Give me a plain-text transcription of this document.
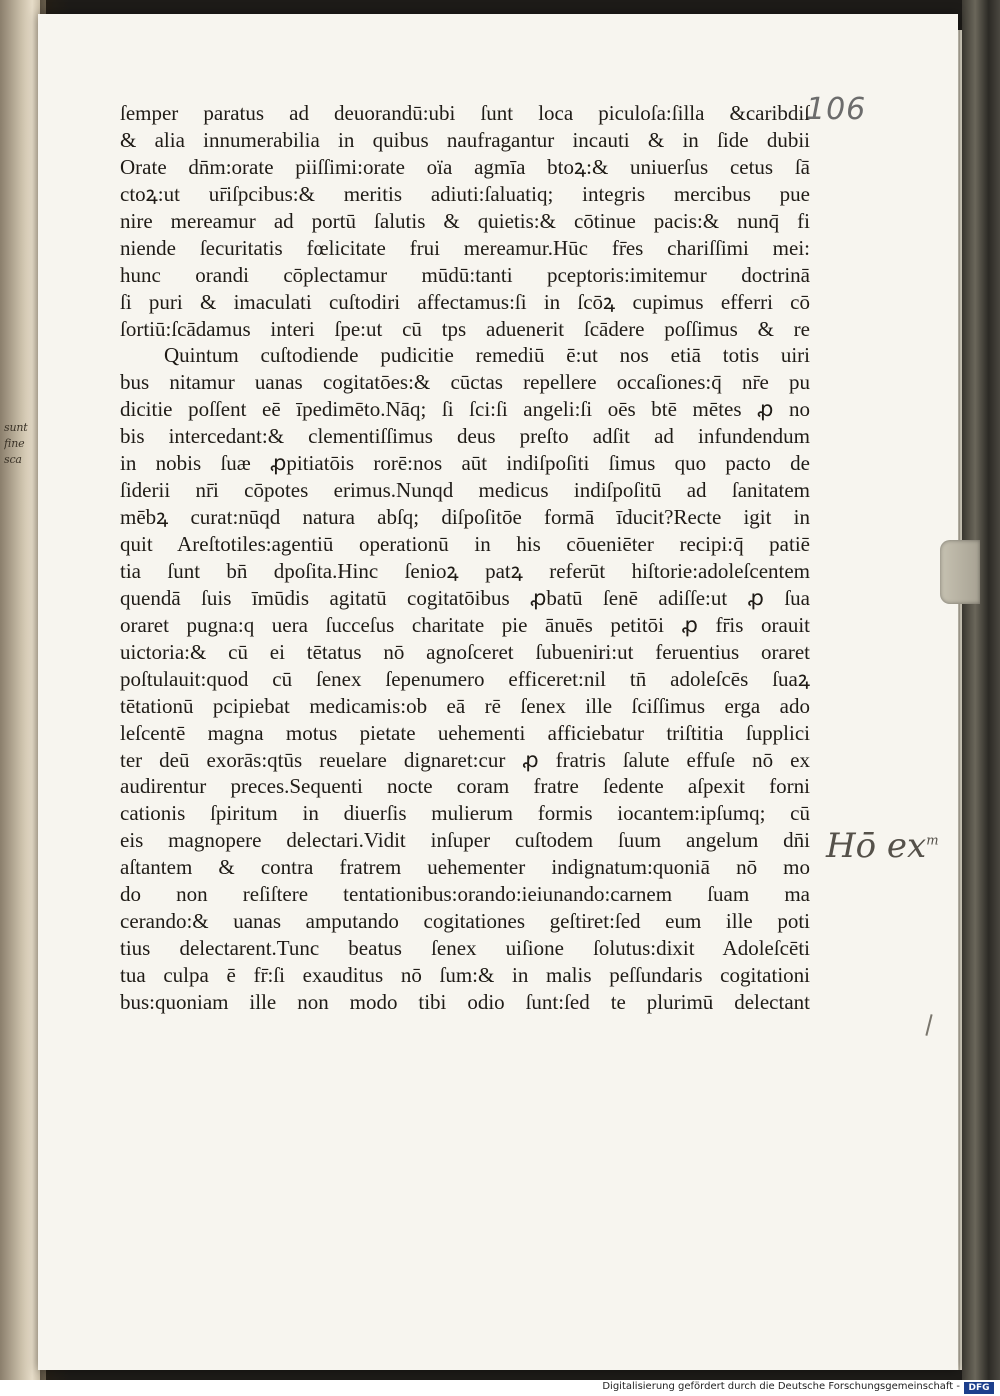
sunt
fine
sca
106
ſemper paratus ad deuorandū:ubi ſunt loca piculoſa:ſilla &caribdiſ
& alia innumerabilia in quibus naufragantur incauti & in ſide dubii
Orate dn̄m:orate piiſſimi:orate oïa agmīa btoꝝ:& uniuerſus cetus ſā
ctoꝝ:ut ur̄iſpcibus:& meritis adiuti:ſaluatiq; integris mercibus pue
nire mereamur ad portū ſalutis & quietis:& cōtinue pacis:& nunq̄ fi
niende ſecuritatis fœlicitate frui mereamur.Hūc fr̄es chariſſimi mei:
hunc orandi cōplectamur mūdū:tanti pceptoris:imitemur doctrinā
ſi puri & imaculati cuſtodiri affectamus:ſi in ſcōꝝ cupimus efferri cō
ſortiū:ſcādamus interi ſpe:ut cū tps aduenerit ſcādere poſſimus & re
Quintum cuſtodiende pudicitie remediū ē:ut nos etiā totis uiri
bus nitamur uanas cogitatōes:& cūctas repellere occaſiones:q̄ nr̄e pu
dicitie poſſent eē īpedimēto.Nāq; ſi ſci:ſi angeli:ſi oēs btē mētes ꝓ no
bis intercedant:& clementiſſimus deus preſto adſit ad infundendum
in nobis ſuæ ꝓpitiatōis rorē:nos aūt indiſpoſiti ſimus quo pacto de
ſiderii nr̄i cōpotes erimus.Nunqd medicus indiſpoſitū ad ſanitatem
mēbꝝ curat:nūqd natura abſq; diſpoſitōe formā īducit?Recte igit in
quit Areſtotiles:agentiū operationū in his cōueniēter recipi:q̄ patiē
tia ſunt bn̄ dpoſita.Hinc ſenioꝝ patꝝ referūt hiſtorie:adoleſcentem
quendā ſuis īmūdis agitatū cogitatōibus ꝓbatū ſenē adiſſe:ut ꝓ ſua
oraret pugna:q uera ſucceſus charitate pie ānuēs petitōi ꝓ fr̄is orauit
uictoria:& cū ei tētatus nō agnoſceret ſubueniri:ut feruentius oraret
poſtulauit:quod cū ſenex ſepenumero efficeret:nil tn̄ adoleſcēs ſuaꝝ
tētationū pcipiebat medicamis:ob eā rē ſenex ille ſciſſimus erga ado
leſcentē magna motus pietate uehementi afficiebatur triſtitia ſupplici
ter deū exorās:qtūs reuelare dignaret:cur ꝓ fratris ſalute effuſe nō ex
audirentur preces.Sequenti nocte coram fratre ſedente aſpexit forni
cationis ſpiritum in diuerſis mulierum formis iocantem:ipſumq; cū
eis magnopere delectari.Vidit inſuper cuſtodem ſuum angelum dn̄i
aſtantem & contra fratrem uehementer indignatum:quoniā nō mo
do non reſiſtere tentationibus:orando:ieiunando:carnem ſuam ma
cerando:& uanas amputando cogitationes geſtiret:ſed eum ille poti
tius delectarent.Tunc beatus ſenex uiſione ſolutus:dixit Adoleſcēti
tua culpa ē fr̄:ſi exauditus nō ſum:& in malis peſſundaris cogitationi
bus:quoniam ille non modo tibi odio ſunt:ſed te plurimū delectant
Hō $ex^m$
Digitalisierung gefördert durch die Deutsche Forschungsgemeinschaft - DFG
